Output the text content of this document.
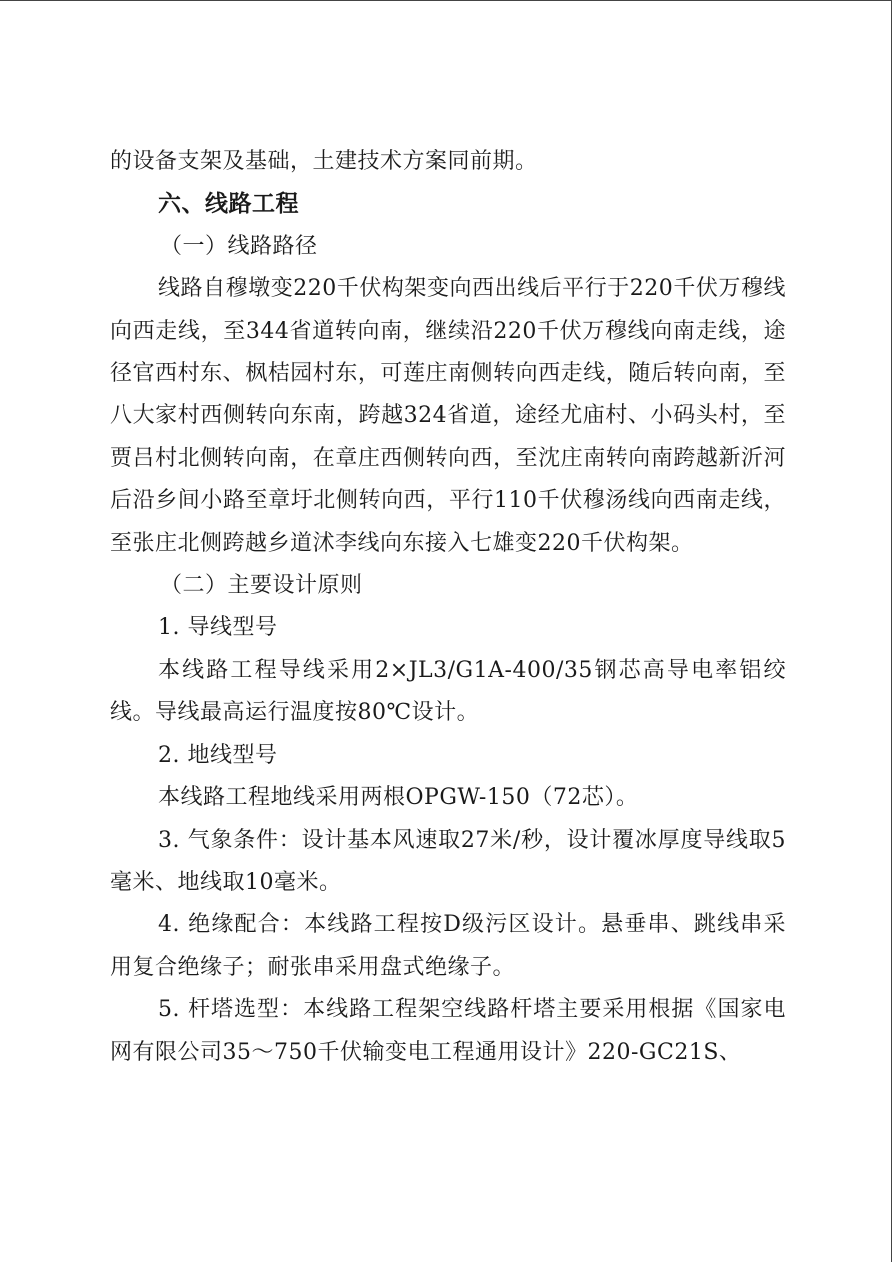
的设备支架及基础，土建技术方案同前期。

六、线路工程

（一）线路路径

线路自穆墩变220千伏构架变向西出线后平行于220千伏万穆线向西走线，至344省道转向南，继续沿220千伏万穆线向南走线，途径官西村东、枫桔园村东，可莲庄南侧转向西走线，随后转向南，至八大家村西侧转向东南，跨越324省道，途经尤庙村、小码头村，至贾吕村北侧转向南，在章庄西侧转向西，至沈庄南转向南跨越新沂河后沿乡间小路至章圩北侧转向西，平行110千伏穆汤线向西南走线，至张庄北侧跨越乡道沭李线向东接入七雄变220千伏构架。

（二）主要设计原则

1. 导线型号

本线路工程导线采用2×JL3/G1A-400/35钢芯高导电率铝绞线。导线最高运行温度按80℃设计。

2. 地线型号

本线路工程地线采用两根OPGW-150（72芯）。

3. 气象条件：设计基本风速取27米/秒，设计覆冰厚度导线取5毫米、地线取10毫米。

4. 绝缘配合：本线路工程按D级污区设计。悬垂串、跳线串采用复合绝缘子；耐张串采用盘式绝缘子。

5. 杆塔选型：本线路工程架空线路杆塔主要采用根据《国家电网有限公司35～750千伏输变电工程通用设计》220-GC21S、
